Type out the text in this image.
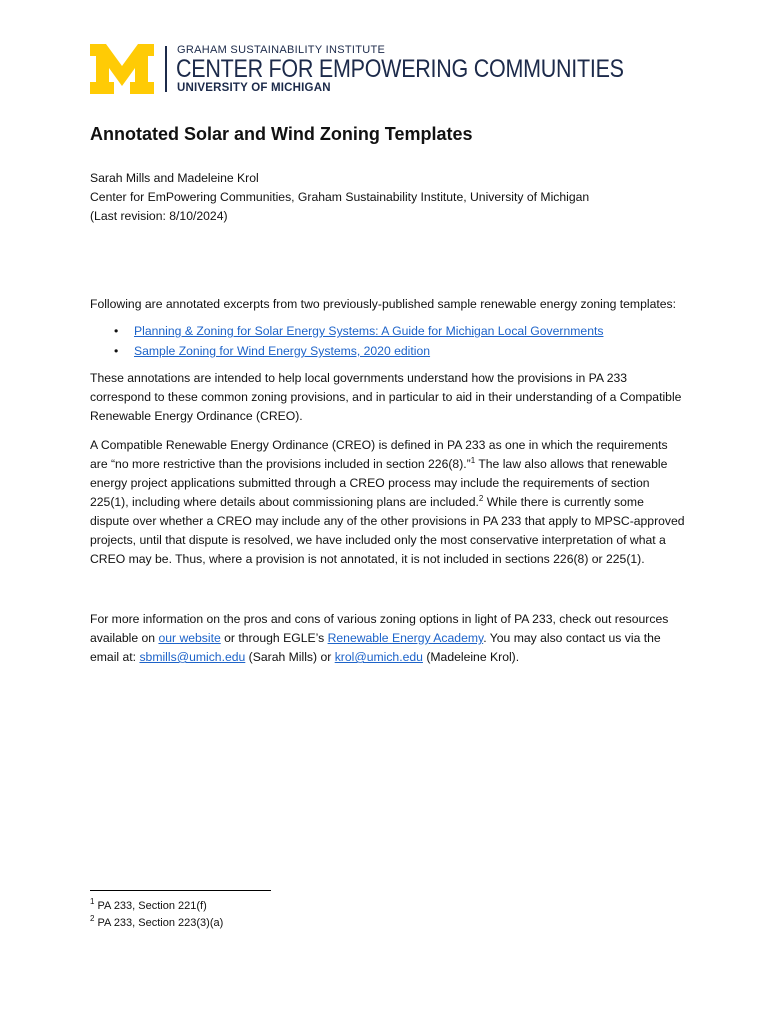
GRAHAM SUSTAINABILITY INSTITUTE
CENTER FOR EMPOWERING COMMUNITIES
UNIVERSITY OF MICHIGAN
Annotated Solar and Wind Zoning Templates
Sarah Mills and Madeleine Krol
Center for EmPowering Communities, Graham Sustainability Institute, University of Michigan
(Last revision: 8/10/2024)

Following are annotated excerpts from two previously-published sample renewable energy zoning templates:

• Planning & Zoning for Solar Energy Systems: A Guide for Michigan Local Governments
• Sample Zoning for Wind Energy Systems, 2020 edition

These annotations are intended to help local governments understand how the provisions in PA 233 correspond to these common zoning provisions, and in particular to aid in their understanding of a Compatible Renewable Energy Ordinance (CREO).

A Compatible Renewable Energy Ordinance (CREO) is defined in PA 233 as one in which the requirements are “no more restrictive than the provisions included in section 226(8).”$^1$ The law also allows that renewable energy project applications submitted through a CREO process may include the requirements of section 225(1), including where details about commissioning plans are included.$^2$ While there is currently some dispute over whether a CREO may include any of the other provisions in PA 233 that apply to MPSC-approved projects, until that dispute is resolved, we have included only the most conservative interpretation of what a CREO may be. Thus, where a provision is not annotated, it is not included in sections 226(8) or 225(1).

For more information on the pros and cons of various zoning options in light of PA 233, check out resources available on our website or through EGLE’s Renewable Energy Academy. You may also contact us via the email at: sbmills@umich.edu (Sarah Mills) or krol@umich.edu (Madeleine Krol).

$^1$ PA 233, Section 221(f)
$^2$ PA 233, Section 223(3)(a)
